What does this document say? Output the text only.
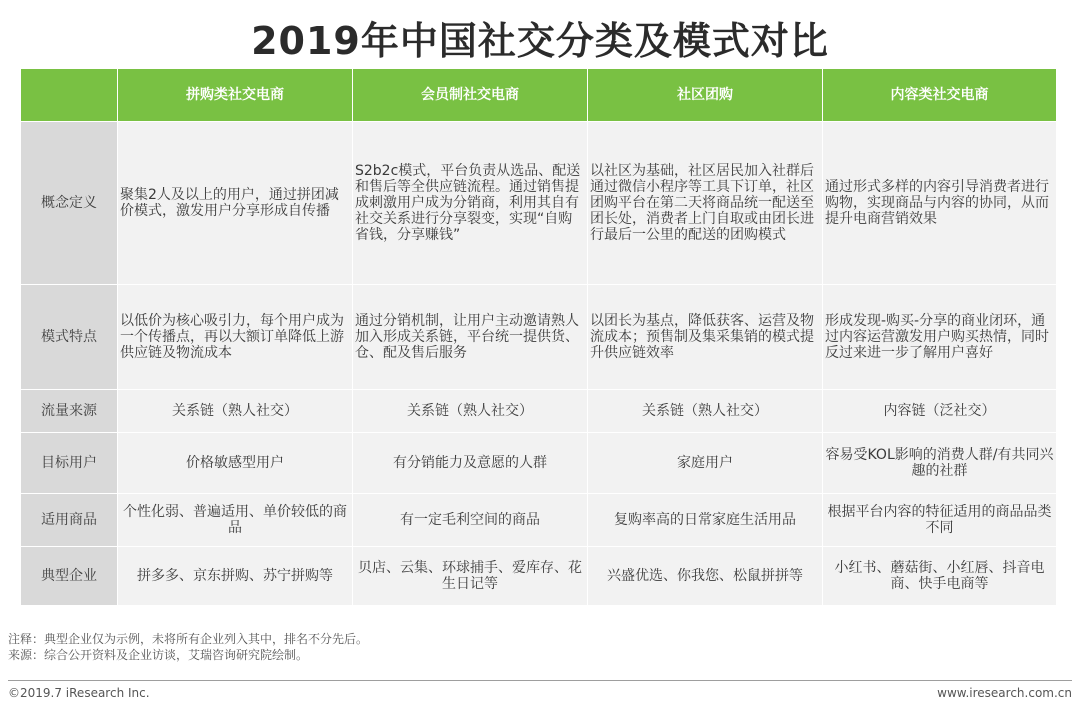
2019年中国社交分类及模式对比
	拼购类社交电商	会员制社交电商	社区团购	内容类社交电商
概念定义	聚集2人及以上的用户，通过拼团减价模式，激发用户分享形成自传播	S2b2c模式，平台负责从选品、配送和售后等全供应链流程。通过销售提成刺激用户成为分销商，利用其自有社交关系进行分享裂变，实现“自购省钱，分享赚钱”	以社区为基础，社区居民加入社群后通过微信小程序等工具下订单，社区团购平台在第二天将商品统一配送至团长处，消费者上门自取或由团长进行最后一公里的配送的团购模式	通过形式多样的内容引导消费者进行购物，实现商品与内容的协同，从而提升电商营销效果
模式特点	以低价为核心吸引力，每个用户成为一个传播点，再以大额订单降低上游供应链及物流成本	通过分销机制，让用户主动邀请熟人加入形成关系链，平台统一提供货、仓、配及售后服务	以团长为基点，降低获客、运营及物流成本；预售制及集采集销的模式提升供应链效率	形成发现-购买-分享的商业闭环，通过内容运营激发用户购买热情，同时反过来进一步了解用户喜好
流量来源	关系链（熟人社交）	关系链（熟人社交）	关系链（熟人社交）	内容链（泛社交）
目标用户	价格敏感型用户	有分销能力及意愿的人群	家庭用户	容易受KOL影响的消费人群/有共同兴趣的社群
适用商品	个性化弱、普遍适用、单价较低的商品	有一定毛利空间的商品	复购率高的日常家庭生活用品	根据平台内容的特征适用的商品品类不同
典型企业	拼多多、京东拼购、苏宁拼购等	贝店、云集、环球捕手、爱库存、花生日记等	兴盛优选、你我您、松鼠拼拼等	小红书、蘑菇街、小红唇、抖音电商、快手电商等
注释：典型企业仅为示例，未将所有企业列入其中，排名不分先后。
来源：综合公开资料及企业访谈，艾瑞咨询研究院绘制。
©2019.7 iResearch Inc.	www.iresearch.com.cn
